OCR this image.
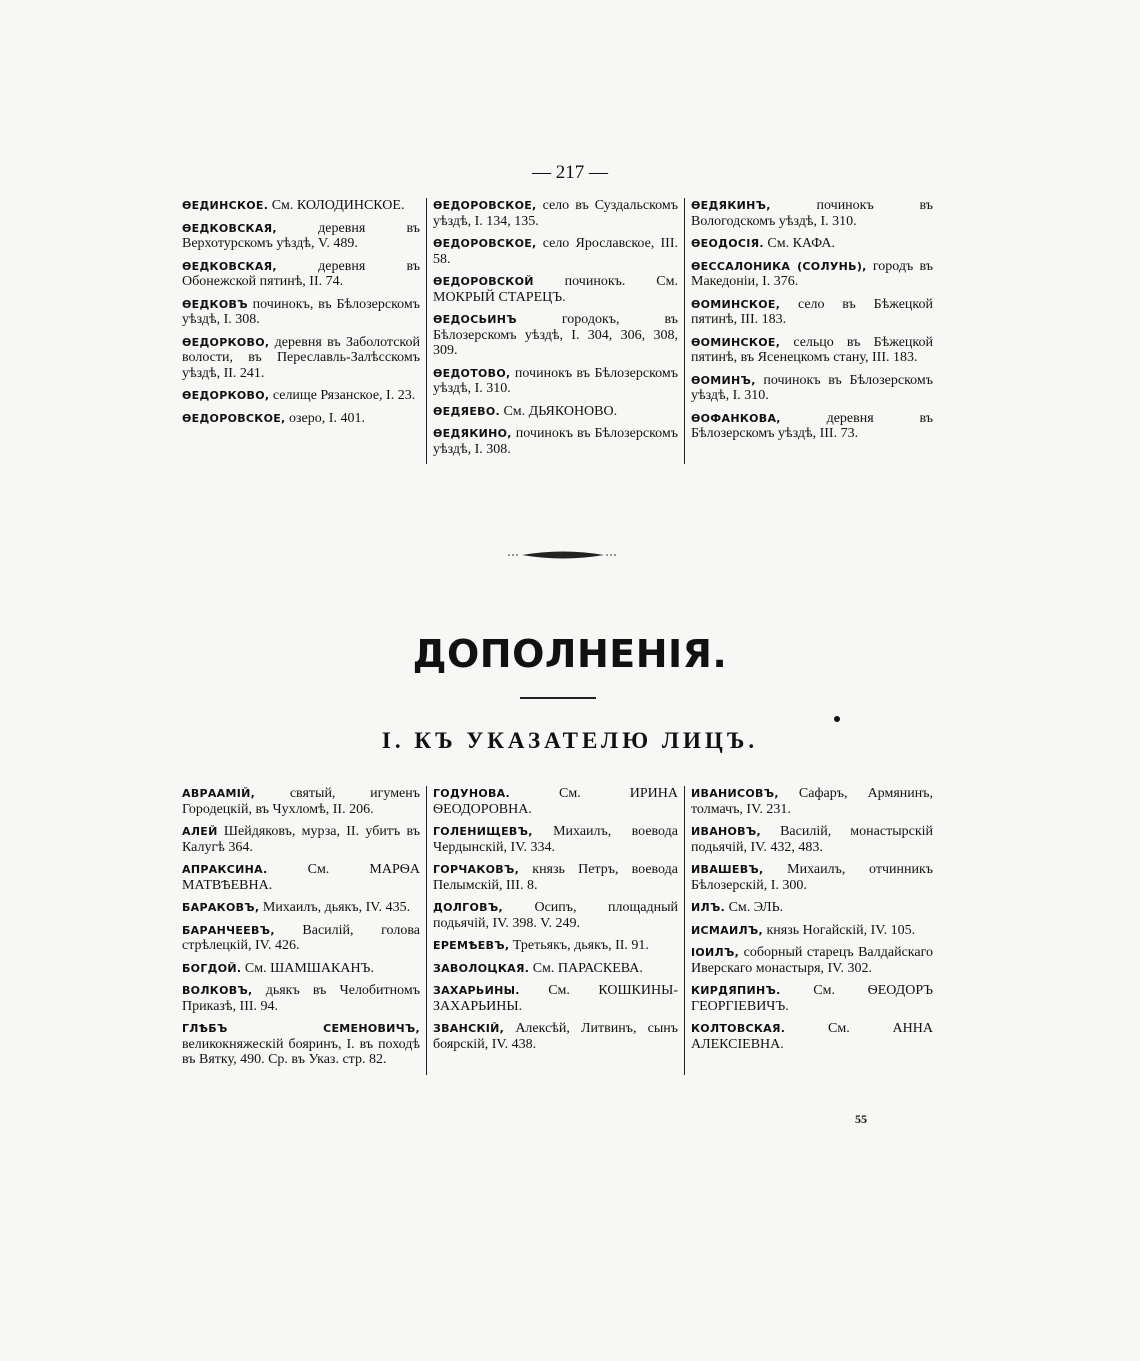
— 217 —
ѲЕДИНСКОЕ. См. КОЛОДИНСКОЕ.
ѲЕДКОВСКАЯ, деревня въ Верхотурскомъ уѣздѣ, V. 489.
ѲЕДКОВСКАЯ, деревня въ Обонежской пятинѣ, II. 74.
ѲЕДКОВЪ починокъ, въ Бѣлозерскомъ уѣздѣ, I. 308.
ѲЕДОРКОВО, деревня въ Заболотской волости, въ Переславль-Залѣсскомъ уѣздѣ, II. 241.
ѲЕДОРКОВО, селище Рязанское, I. 23.
ѲЕДОРОВСКОЕ, озеро, I. 401.
ѲЕДОРОВСКОЕ, село въ Суздальскомъ уѣздѣ, I. 134, 135.
ѲЕДОРОВСКОЕ, село Ярославское, III. 58.
ѲЕДОРОВСКОЙ починокъ. См. МОКРЫЙ СТАРЕЦЪ.
ѲЕДОСЬИНЪ городокъ, въ Бѣлозерскомъ уѣздѣ, I. 304, 306, 308, 309.
ѲЕДОТОВО, починокъ въ Бѣлозерскомъ уѣздѣ, I. 310.
ѲЕДЯЕВО. См. ДЬЯКОНОВО.
ѲЕДЯКИНО, починокъ въ Бѣлозерскомъ уѣздѣ, I. 308.
ѲЕДЯКИНЪ, починокъ въ Вологодскомъ уѣздѣ, I. 310.
ѲЕОДОСІЯ. См. КАФА.
ѲЕССАЛОНИКА (СОЛУНЬ), городъ въ Македоніи, I. 376.
ѲОМИНСКОЕ, село въ Бѣжецкой пятинѣ, III. 183.
ѲОМИНСКОЕ, сельцо въ Бѣжецкой пятинѣ, въ Ясенецкомъ стану, III. 183.
ѲОМИНЪ, починокъ въ Бѣлозерскомъ уѣздѣ, I. 310.
ѲОФАНКОВА, деревня въ Бѣлозерскомъ уѣздѣ, III. 73.
ДОПОЛНЕНІЯ.
I. КЪ УКАЗАТЕЛЮ ЛИЦЪ.
АВРААМІЙ, святый, игуменъ Городецкій, въ Чухломѣ, II. 206.
АЛЕЙ Шейдяковъ, мурза, II. убитъ въ Калугѣ 364.
АПРАКСИНА. См. МАРѲА МАТВѢЕВНА.
БАРАКОВЪ, Михаилъ, дьякъ, IV. 435.
БАРАНЧЕЕВЪ, Василій, голова стрѣлецкій, IV. 426.
БОГДОЙ. См. ШАМШАКАНЪ.
ВОЛКОВЪ, дьякъ въ Челобитномъ Приказѣ, III. 94.
ГЛѢБЪ СЕМЕНОВИЧЪ, великокняжескій бояринъ, I. въ походѣ въ Вятку, 490. Ср. въ Указ. стр. 82.
ГОДУНОВА. См. ИРИНА ѲЕОДОРОВНА.
ГОЛЕНИЩЕВЪ, Михаилъ, воевода Чердынскій, IV. 334.
ГОРЧАКОВЪ, князь Петръ, воевода Пелымскій, III. 8.
ДОЛГОВЪ, Осипъ, площадный подьячій, IV. 398. V. 249.
ЕРЕМѢЕВЪ, Третьякъ, дьякъ, II. 91.
ЗАВОЛОЦКАЯ. См. ПАРАСКЕВА.
ЗАХАРЬИНЫ. См. КОШКИНЫ-ЗАХАРЬИНЫ.
ЗВАНСКІЙ, Алексѣй, Литвинъ, сынъ боярскій, IV. 438.
ИВАНИСОВЪ, Сафаръ, Армянинъ, толмачъ, IV. 231.
ИВАНОВЪ, Василій, монастырскій подьячій, IV. 432, 483.
ИВАШЕВЪ, Михаилъ, отчинникъ Бѣлозерскій, I. 300.
ИЛЪ. См. ЭЛЬ.
ИСМАИЛЪ, князь Ногайскій, IV. 105.
ІОИЛЪ, соборный старецъ Валдайскаго Иверскаго монастыря, IV. 302.
КИРДЯПИНЪ. См. ѲЕОДОРЪ ГЕОРГІЕВИЧЪ.
КОЛТОВСКАЯ. См. АННА АЛЕКСІЕВНА.
55
